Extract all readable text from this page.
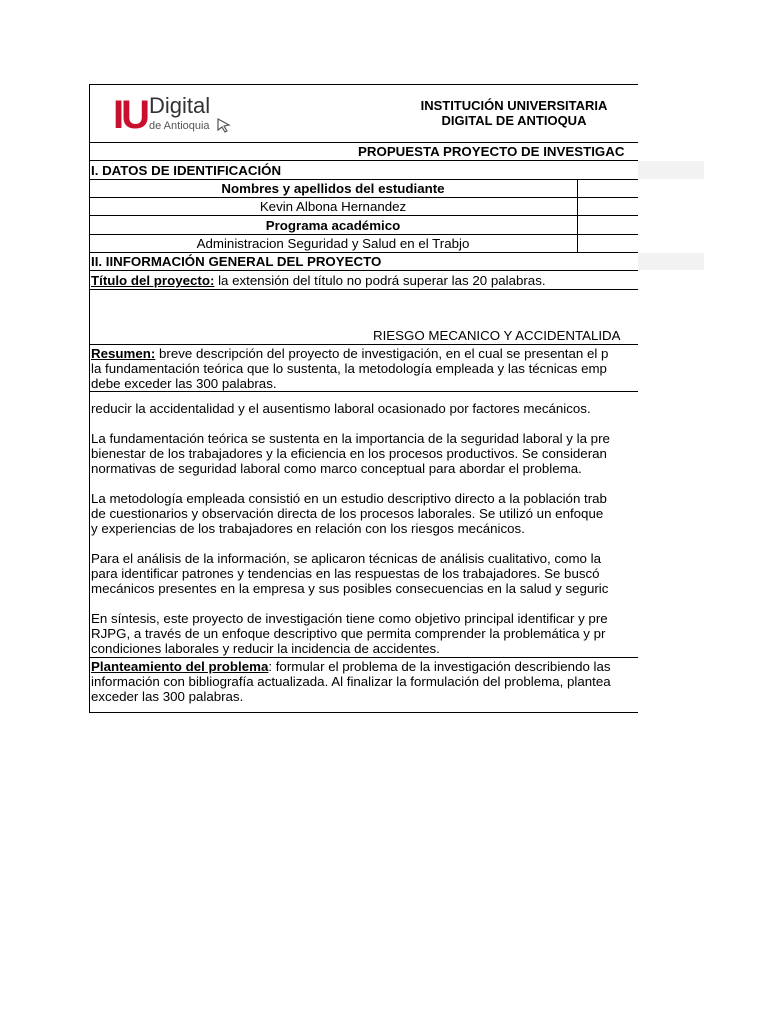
IU Digital
de Antioquia
INSTITUCIÓN UNIVERSITARIA
DIGITAL DE ANTIOQUA
PROPUESTA PROYECTO DE INVESTIGAC
I. DATOS DE IDENTIFICACIÓN
Nombres y apellidos del estudiante
Kevin Albona Hernandez
Programa académico
Administracion Seguridad y Salud en el Trabjo
II. IINFORMACIÓN GENERAL DEL PROYECTO
Título del proyecto: la extensión del título no podrá superar las 20 palabras.
RIESGO MECANICO Y ACCIDENTALIDA
Resumen: breve descripción del proyecto de investigación, en el cual se presentan el p
la fundamentación teórica que lo sustenta, la metodología empleada y las técnicas emp
debe exceder las 300 palabras.
reducir la accidentalidad y el ausentismo laboral ocasionado por factores mecánicos.
La fundamentación teórica se sustenta en la importancia de la seguridad laboral y la pre
bienestar de los trabajadores y la eficiencia en los procesos productivos. Se consideran
normativas de seguridad laboral como marco conceptual para abordar el problema.
La metodología empleada consistió en un estudio descriptivo directo a la población trab
de cuestionarios y observación directa de los procesos laborales. Se utilizó un enfoque
y experiencias de los trabajadores en relación con los riesgos mecánicos.
Para el análisis de la información, se aplicaron técnicas de análisis cualitativo, como la
para identificar patrones y tendencias en las respuestas de los trabajadores. Se buscó
mecánicos presentes en la empresa y sus posibles consecuencias en la salud y seguric
En síntesis, este proyecto de investigación tiene como objetivo principal identificar y pre
RJPG, a través de un enfoque descriptivo que permita comprender la problemática y pr
condiciones laborales y reducir la incidencia de accidentes.
Planteamiento del problema: formular el problema de la investigación describiendo las
información con bibliografía actualizada. Al finalizar la formulación del problema, plantea
exceder las 300 palabras.
